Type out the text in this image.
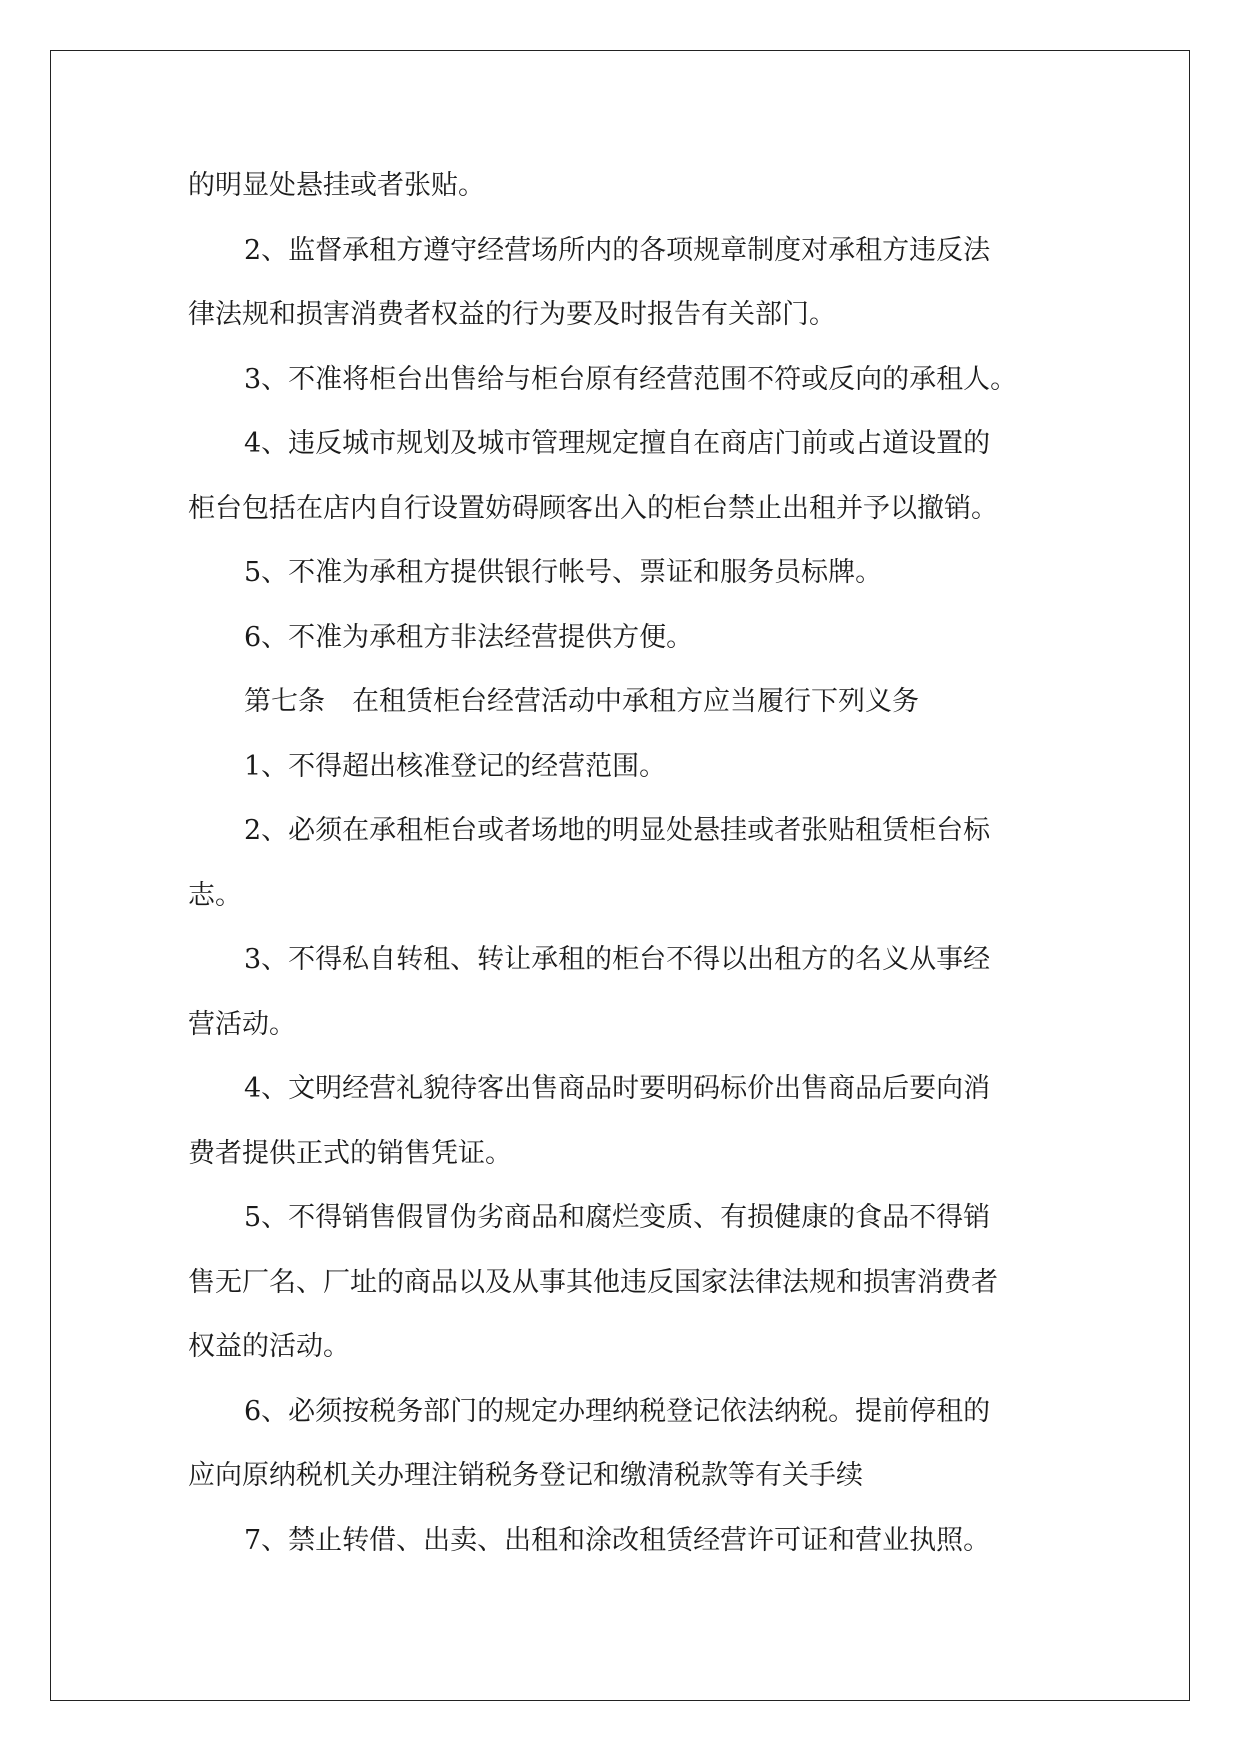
的明显处悬挂或者张贴。

2、监督承租方遵守经营场所内的各项规章制度对承租方违反法

律法规和损害消费者权益的行为要及时报告有关部门。

3、不准将柜台出售给与柜台原有经营范围不符或反向的承租人。

4、违反城市规划及城市管理规定擅自在商店门前或占道设置的

柜台包括在店内自行设置妨碍顾客出入的柜台禁止出租并予以撤销。

5、不准为承租方提供银行帐号、票证和服务员标牌。

6、不准为承租方非法经营提供方便。

第七条　在租赁柜台经营活动中承租方应当履行下列义务

1、不得超出核准登记的经营范围。

2、必须在承租柜台或者场地的明显处悬挂或者张贴租赁柜台标

志。

3、不得私自转租、转让承租的柜台不得以出租方的名义从事经

营活动。

4、文明经营礼貌待客出售商品时要明码标价出售商品后要向消

费者提供正式的销售凭证。

5、不得销售假冒伪劣商品和腐烂变质、有损健康的食品不得销

售无厂名、厂址的商品以及从事其他违反国家法律法规和损害消费者

权益的活动。

6、必须按税务部门的规定办理纳税登记依法纳税。提前停租的

应向原纳税机关办理注销税务登记和缴清税款等有关手续

7、禁止转借、出卖、出租和涂改租赁经营许可证和营业执照。
